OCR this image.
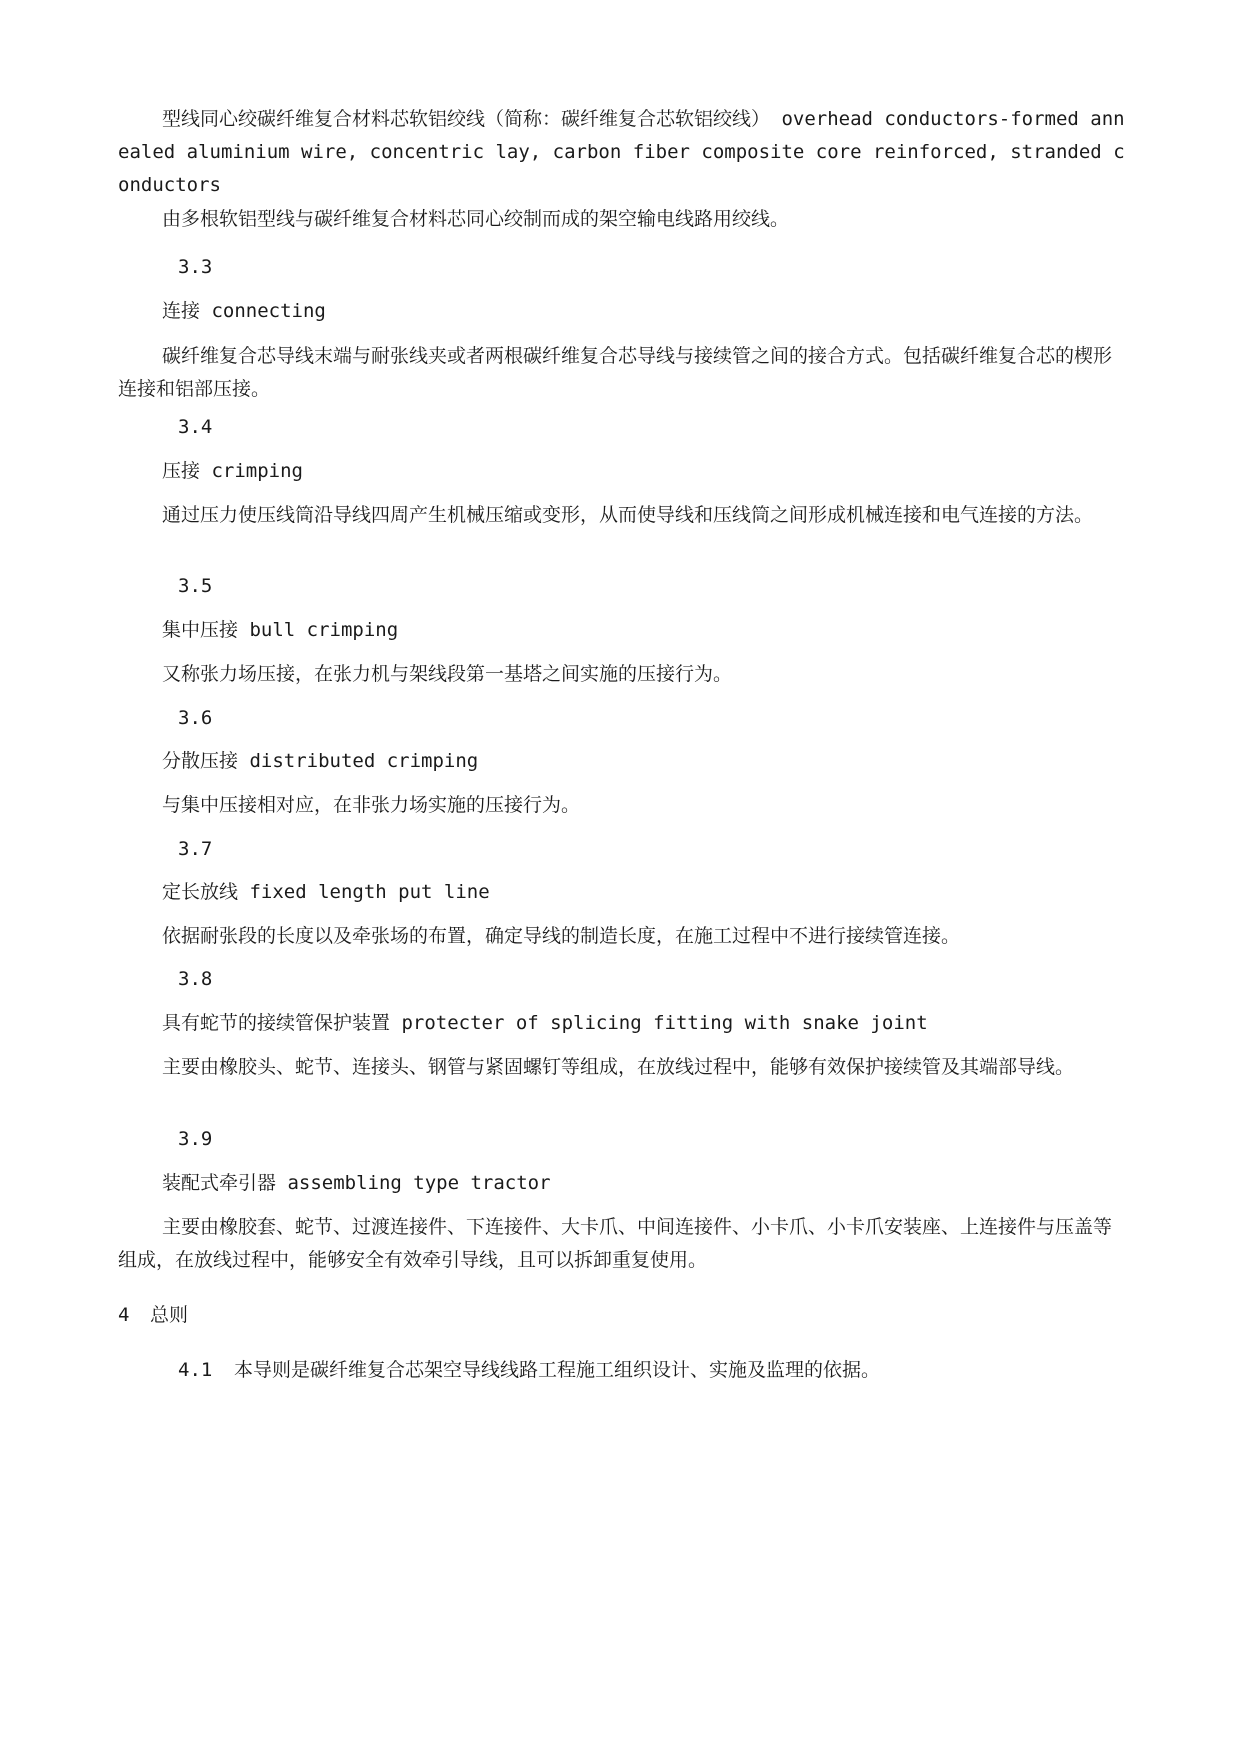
型线同心绞碳纤维复合材料芯软铝绞线（简称：碳纤维复合芯软铝绞线） overhead conductors-formed annealed aluminium wire, concentric lay, carbon fiber composite core reinforced, stranded conductors

由多根软铝型线与碳纤维复合材料芯同心绞制而成的架空输电线路用绞线。

3.3

连接 connecting

碳纤维复合芯导线末端与耐张线夹或者两根碳纤维复合芯导线与接续管之间的接合方式。包括碳纤维复合芯的楔形连接和铝部压接。

3.4

压接 crimping

通过压力使压线筒沿导线四周产生机械压缩或变形，从而使导线和压线筒之间形成机械连接和电气连接的方法。

3.5

集中压接 bull crimping

又称张力场压接，在张力机与架线段第一基塔之间实施的压接行为。

3.6

分散压接 distributed crimping

与集中压接相对应，在非张力场实施的压接行为。

3.7

定长放线 fixed length put line

依据耐张段的长度以及牵张场的布置，确定导线的制造长度，在施工过程中不进行接续管连接。

3.8

具有蛇节的接续管保护装置 protecter of splicing fitting with snake joint

主要由橡胶头、蛇节、连接头、钢管与紧固螺钉等组成，在放线过程中，能够有效保护接续管及其端部导线。

3.9

装配式牵引器 assembling type tractor

主要由橡胶套、蛇节、过渡连接件、下连接件、大卡爪、中间连接件、小卡爪、小卡爪安装座、上连接件与压盖等组成，在放线过程中，能够安全有效牵引导线，且可以拆卸重复使用。

4 总则

4.1 本导则是碳纤维复合芯架空导线线路工程施工组织设计、实施及监理的依据。
